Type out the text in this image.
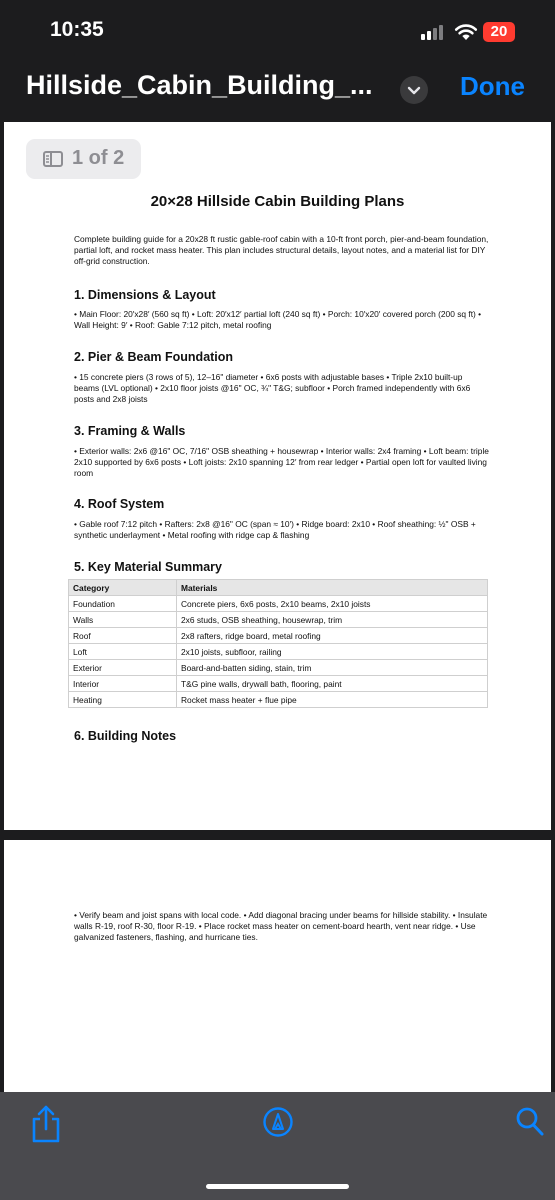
10:35	20
Hillside_Cabin_Building_...	Done
1 of 2
20×28 Hillside Cabin Building Plans
Complete building guide for a 20x28 ft rustic gable-roof cabin with a 10-ft front porch, pier-and-beam foundation, partial loft, and rocket mass heater. This plan includes structural details, layout notes, and a material list for DIY off-grid construction.
1. Dimensions & Layout
• Main Floor: 20′x28′ (560 sq ft) • Loft: 20′x12′ partial loft (240 sq ft) • Porch: 10′x20′ covered porch (200 sq ft) • Wall Height: 9′ • Roof: Gable 7:12 pitch, metal roofing
2. Pier & Beam Foundation
• 15 concrete piers (3 rows of 5), 12–16" diameter • 6x6 posts with adjustable bases • Triple 2x10 built-up beams (LVL optional) • 2x10 floor joists @16" OC, ¾" T&G; subfloor • Porch framed independently with 6x6 posts and 2x8 joists
3. Framing & Walls
• Exterior walls: 2x6 @16" OC, 7/16" OSB sheathing + housewrap • Interior walls: 2x4 framing • Loft beam: triple 2x10 supported by 6x6 posts • Loft joists: 2x10 spanning 12′ from rear ledger • Partial open loft for vaulted living room
4. Roof System
• Gable roof 7:12 pitch • Rafters: 2x8 @16" OC (span ≈ 10′) • Ridge board: 2x10 • Roof sheathing: ½" OSB + synthetic underlayment • Metal roofing with ridge cap & flashing
5. Key Material Summary
Category	Materials
Foundation	Concrete piers, 6x6 posts, 2x10 beams, 2x10 joists
Walls	2x6 studs, OSB sheathing, housewrap, trim
Roof	2x8 rafters, ridge board, metal roofing
Loft	2x10 joists, subfloor, railing
Exterior	Board-and-batten siding, stain, trim
Interior	T&G pine walls, drywall bath, flooring, paint
Heating	Rocket mass heater + flue pipe
6. Building Notes
• Verify beam and joist spans with local code. • Add diagonal bracing under beams for hillside stability. • Insulate walls R-19, roof R-30, floor R-19. • Place rocket mass heater on cement-board hearth, vent near ridge. • Use galvanized fasteners, flashing, and hurricane ties.
